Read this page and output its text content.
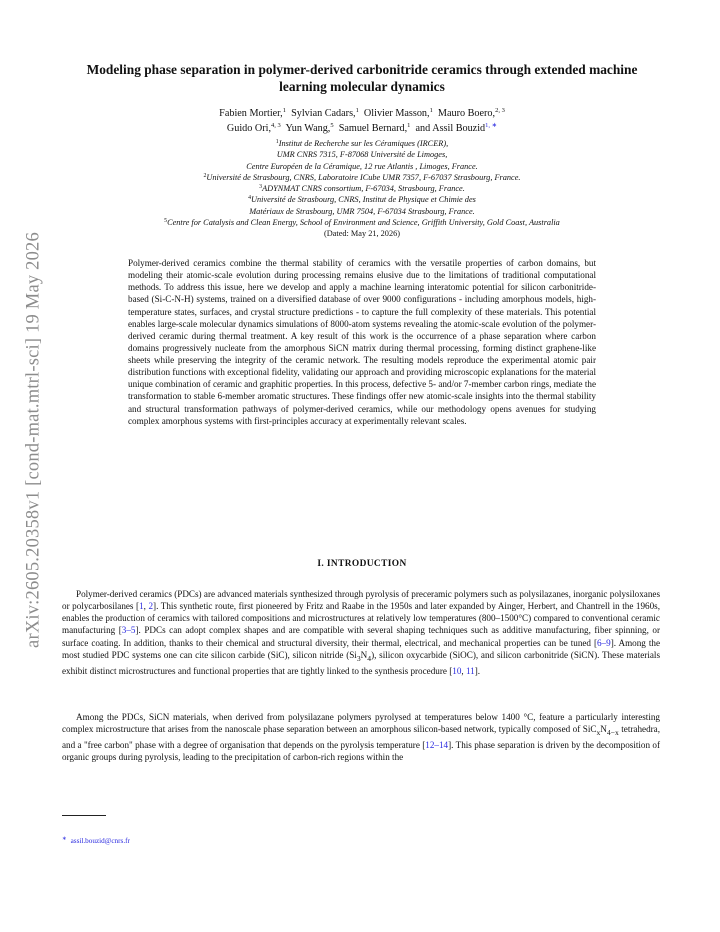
arXiv:2605.20358v1 [cond-mat.mtrl-sci] 19 May 2026
Modeling phase separation in polymer-derived carbonitride ceramics through extended machine learning molecular dynamics
Fabien Mortier,$^1$ Sylvian Cadars,$^1$ Olivier Masson,$^1$ Mauro Boero,$^{2, 3}$
Guido Ori,$^{4, 3}$ Yun Wang,$^5$ Samuel Bernard,$^1$ and Assil Bouzid$^{1, ∗}$
$^1$Institut de Recherche sur les Céramiques (IRCER),
UMR CNRS 7315, F-87068 Université de Limoges,
Centre Européen de la Céramique, 12 rue Atlantis , Limoges, France.
$^2$Université de Strasbourg, CNRS, Laboratoire ICube UMR 7357, F-67037 Strasbourg, France.
$^3$ADYNMAT CNRS consortium, F-67034, Strasbourg, France.
$^4$Université de Strasbourg, CNRS, Institut de Physique et Chimie des
Matériaux de Strasbourg, UMR 7504, F-67034 Strasbourg, France.
$^5$Centre for Catalysis and Clean Energy, School of Environment and Science, Griffith University, Gold Coast, Australia
(Dated: May 21, 2026)

Polymer-derived ceramics combine the thermal stability of ceramics with the versatile properties of carbon domains, but modeling their atomic-scale evolution during processing remains elusive due to the limitations of traditional computational methods. To address this issue, here we develop and apply a machine learning interatomic potential for silicon carbonitride-based (Si-C-N-H) systems, trained on a diversified database of over 9000 configurations - including amorphous models, high-temperature states, surfaces, and crystal structure predictions - to capture the full complexity of these materials. This potential enables large-scale molecular dynamics simulations of 8000-atom systems revealing the atomic-scale evolution of the polymer-derived ceramic during thermal treatment. A key result of this work is the occurrence of a phase separation where carbon domains progressively nucleate from the amorphous SiCN matrix during thermal processing, forming distinct graphene-like sheets while preserving the integrity of the ceramic network. The resulting models reproduce the experimental atomic pair distribution functions with exceptional fidelity, validating our approach and providing microscopic explanations for the material unique combination of ceramic and graphitic properties. In this process, defective 5- and/or 7-member carbon rings, mediate the transformation to stable 6-member aromatic structures. These findings offer new atomic-scale insights into the thermal stability and structural transformation pathways of polymer-derived ceramics, while our methodology opens avenues for studying complex amorphous systems with first-principles accuracy at experimentally relevant scales.

I. INTRODUCTION

Polymer-derived ceramics (PDCs) are advanced materials synthesized through pyrolysis of preceramic polymers such as polysilazanes, inorganic polysiloxanes or polycarbosilanes [1, 2]. This synthetic route, first pioneered by Fritz and Raabe in the 1950s and later expanded by Ainger, Herbert, and Chantrell in the 1960s, enables the production of ceramics with tailored compositions and microstructures at relatively low temperatures (800–1500°C) compared to conventional ceramic manufacturing [3–5]. PDCs can adopt complex shapes and are compatible with several shaping techniques such as additive manufacturing, fiber spinning, or surface coating. In addition, thanks to their chemical and structural diversity, their thermal, electrical, and mechanical properties can be tuned [6–9]. Among the most studied PDC systems one can cite silicon carbide (SiC), silicon nitride $(Si_3N_4)$, silicon oxycarbide (SiOC), and silicon carbonitride (SiCN). These materials exhibit distinct microstructures and functional properties that are tightly linked to the synthesis procedure [10, 11].

Among the PDCs, SiCN materials, when derived from polysilazane polymers pyrolysed at temperatures below 1400 °C, feature a particularly interesting complex microstructure that arises from the nanoscale phase separation between an amorphous silicon-based network, typically composed of $SiC_xN_{4-x}$ tetrahedra, and a "free carbon" phase with a degree of organisation that depends on the pyrolysis temperature [12–14]. This phase separation is driven by the decomposition of organic groups during pyrolysis, leading to the precipitation of carbon-rich regions within the

∗ assil.bouzid@cnrs.fr
